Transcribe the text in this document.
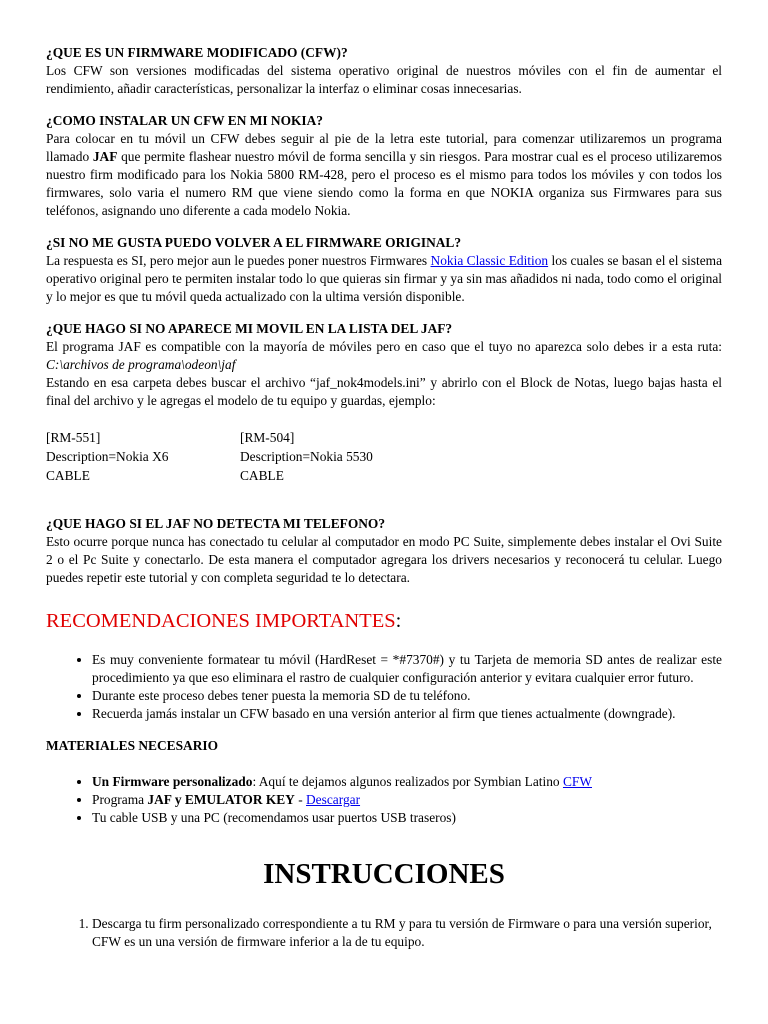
¿QUE ES UN FIRMWARE MODIFICADO (CFW)?

Los CFW son versiones modificadas del sistema operativo original de nuestros móviles con el fin de aumentar el rendimiento, añadir características, personalizar la interfaz o eliminar cosas innecesarias.

¿COMO INSTALAR UN CFW EN MI NOKIA?

Para colocar en tu móvil un CFW debes seguir al pie de la letra este tutorial, para comenzar utilizaremos un programa llamado JAF que permite flashear nuestro móvil de forma sencilla y sin riesgos. Para mostrar cual es el proceso utilizaremos nuestro firm modificado para los Nokia 5800 RM-428, pero el proceso es el mismo para todos los móviles y con todos los firmwares, solo varia el numero RM que viene siendo como la forma en que NOKIA organiza sus Firmwares para sus teléfonos, asignando uno diferente a cada modelo Nokia.

¿SI NO ME GUSTA PUEDO VOLVER A EL FIRMWARE ORIGINAL?

La respuesta es SI, pero mejor aun le puedes poner nuestros Firmwares Nokia Classic Edition los cuales se basan el el sistema operativo original pero te permiten instalar todo lo que quieras sin firmar y ya sin mas añadidos ni nada, todo como el original y lo mejor es que tu móvil queda actualizado con la ultima versión disponible.

¿QUE HAGO SI NO APARECE MI MOVIL EN LA LISTA DEL JAF?

El programa JAF es compatible con la mayoría de móviles pero en caso que el tuyo no aparezca solo debes ir a esta ruta: C:\archivos de programa\odeon\jaf

Estando en esa carpeta debes buscar el archivo “jaf_nok4models.ini” y abrirlo con el Block de Notas, luego bajas hasta el final del archivo y le agregas el modelo de tu equipo y guardas, ejemplo:

[RM-551]
Description=Nokia X6
CABLE
[RM-504]
Description=Nokia 5530
CABLE
¿QUE HAGO SI EL JAF NO DETECTA MI TELEFONO?

Esto ocurre porque nunca has conectado tu celular al computador en modo PC Suite, simplemente debes instalar el Ovi Suite 2 o el Pc Suite y conectarlo. De esta manera el computador agregara los drivers necesarios y reconocerá tu celular. Luego puedes repetir este tutorial y con completa seguridad te lo detectara.

RECOMENDACIONES IMPORTANTES:
• Es muy conveniente formatear tu móvil (HardReset = *#7370#) y tu Tarjeta de memoria SD antes de realizar este procedimiento ya que eso eliminara el rastro de cualquier configuración anterior y evitara cualquier error futuro.
• Durante este proceso debes tener puesta la memoria SD de tu teléfono.
• Recuerda jamás instalar un CFW basado en una versión anterior al firm que tienes actualmente (downgrade).
MATERIALES NECESARIO
• Un Firmware personalizado: Aquí te dejamos algunos realizados por Symbian Latino CFW
• Programa JAF y EMULATOR KEY - Descargar
• Tu cable USB y una PC (recomendamos usar puertos USB traseros)
INSTRUCCIONES
1. Descarga tu firm personalizado correspondiente a tu RM y para tu versión de Firmware o para una versión superior, CFW es un una versión de firmware inferior a la de tu equipo.
